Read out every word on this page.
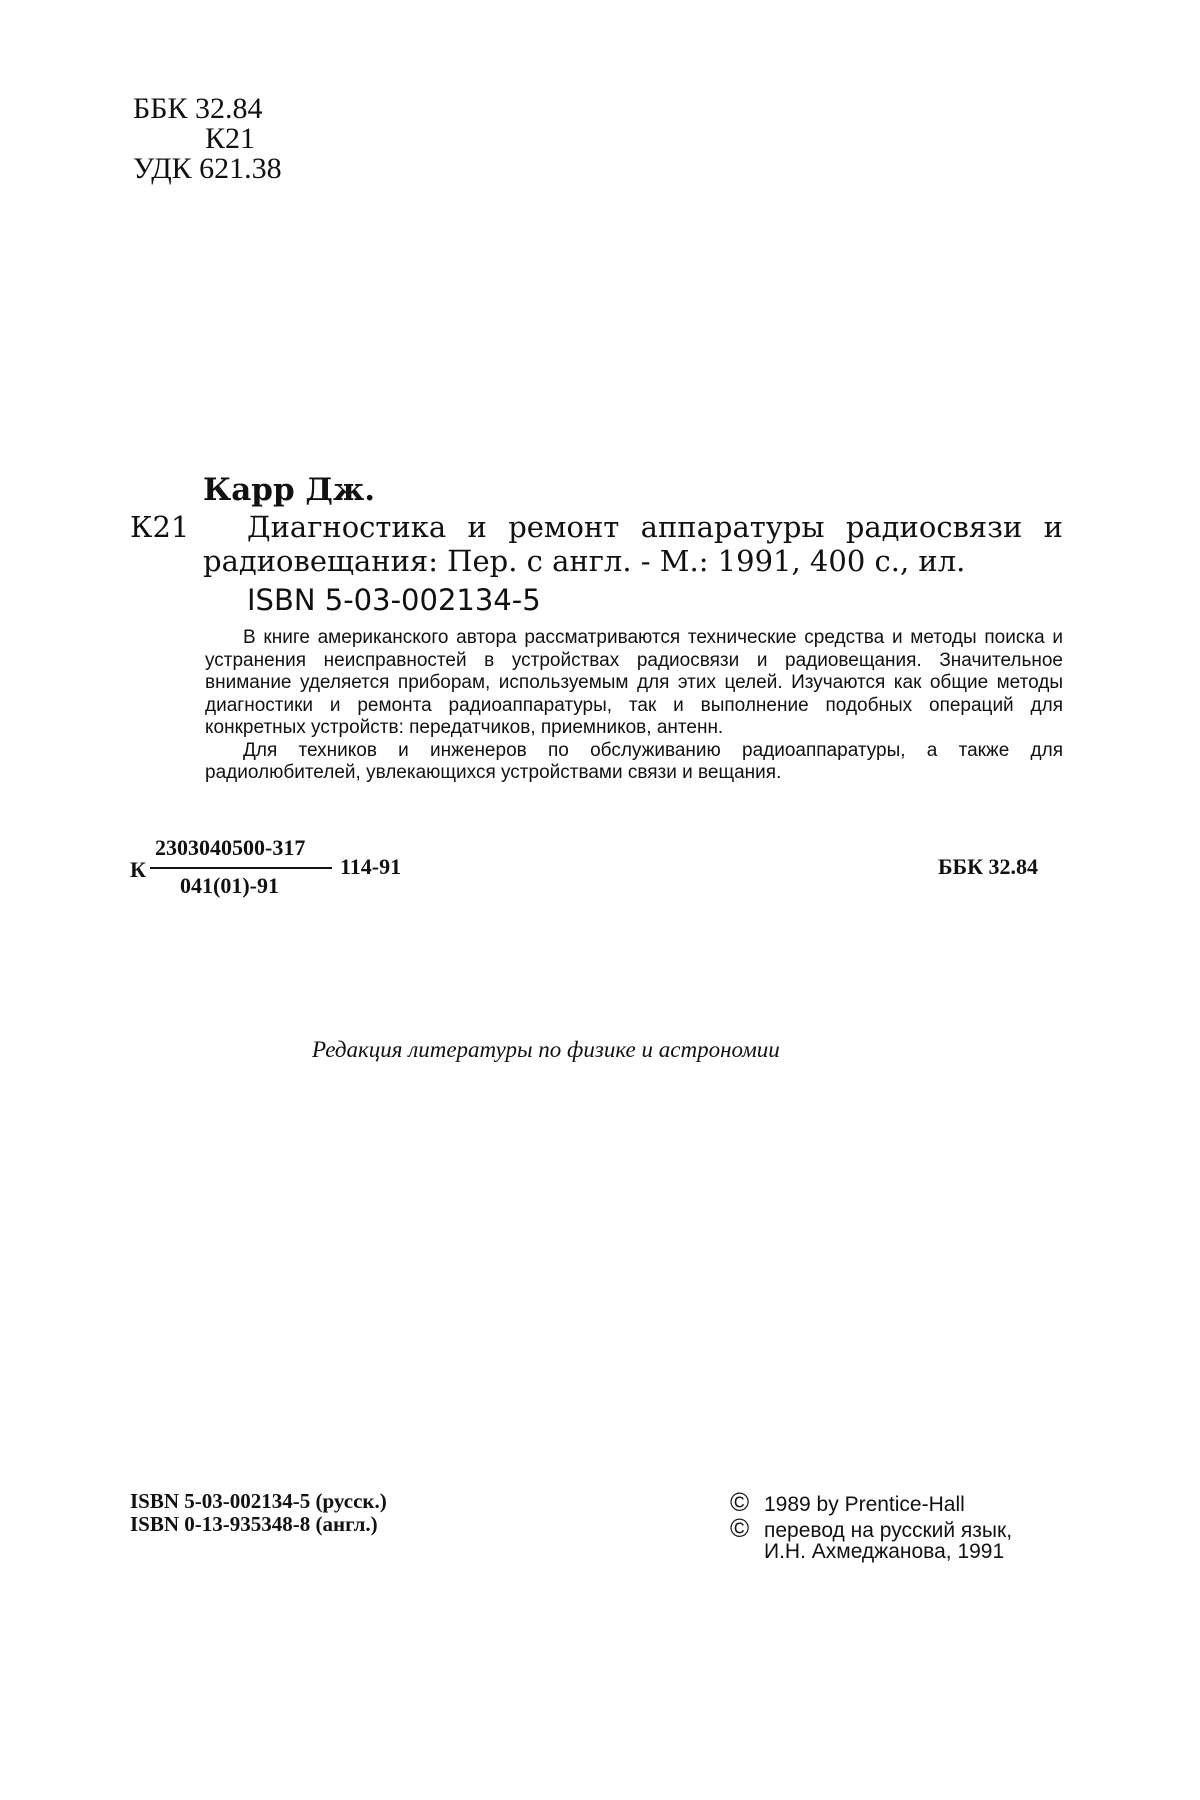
ББК 32.84
К21
УДК 621.38
Карр Дж.
К21	Диагностика и ремонт аппаратуры радиосвязи и радиовещания: Пер. с англ. - М.: 1991, 400 с., ил.
ISBN 5-03-002134-5

В книге американского автора рассматриваются технические средства и методы поиска и устранения неисправностей в устройствах радиосвязи и радиовещания. Значительное внимание уделяется приборам, используемым для этих целей. Изучаются как общие методы диагностики и ремонта радиоаппаратуры, так и выполнение подобных операций для конкретных устройств: передатчиков, приемников, антенн.

Для техников и инженеров по обслуживанию радиоаппаратуры, а также для радиолюбителей, увлекающихся устройствами связи и вещания.

К
2303040500-317
041(01)-91
114-91	ББК 32.84
Редакция литературы по физике и астрономии
ISBN 5-03-002134-5 (русск.)
ISBN 0-13-935348-8 (англ.)
© 1989 by Prentice-Hall
© перевод на русский язык,
И.Н. Ахмеджанова, 1991
